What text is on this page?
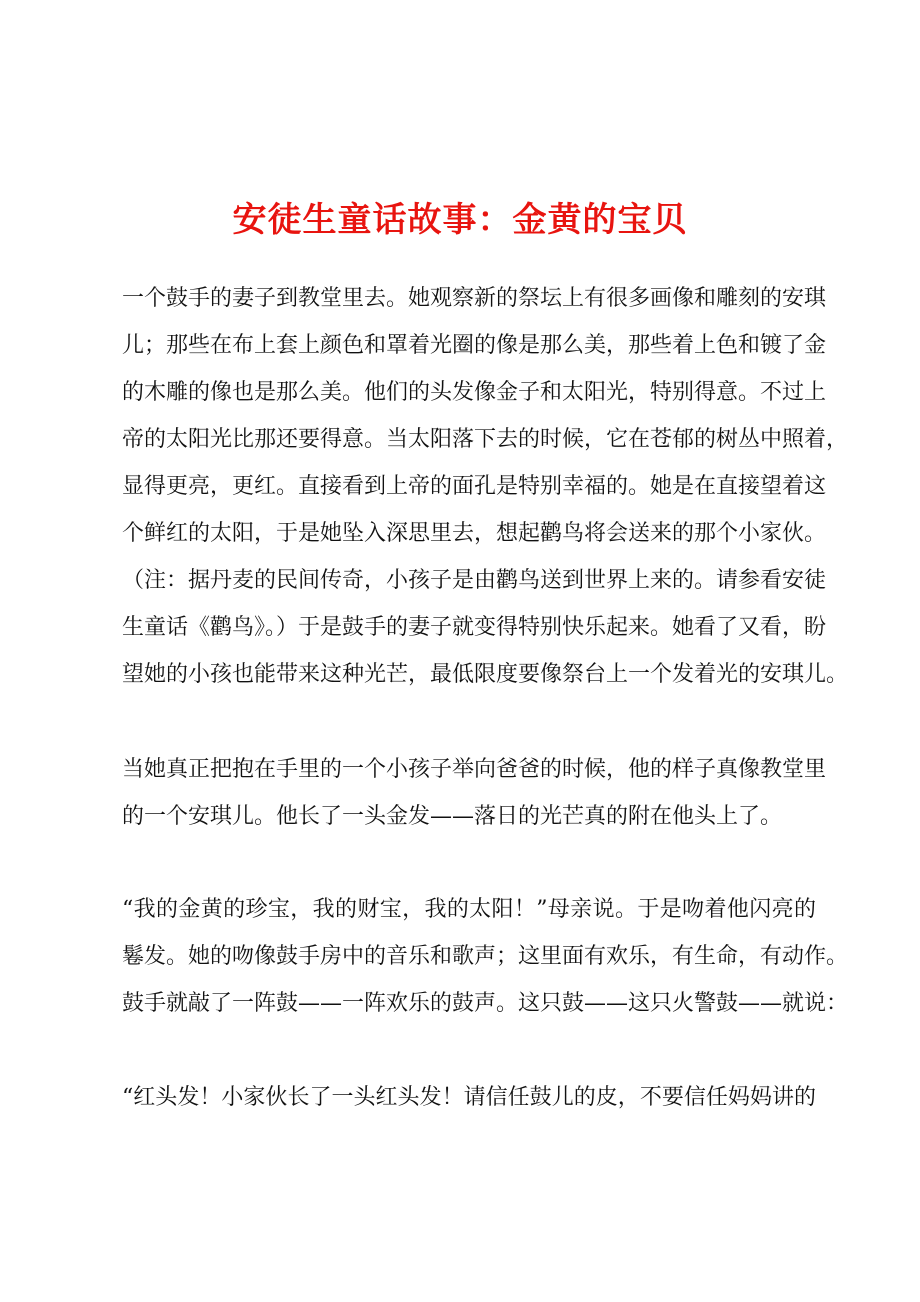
安徒生童话故事：金黄的宝贝
一个鼓手的妻子到教堂里去。她观察新的祭坛上有很多画像和雕刻的安琪
儿；那些在布上套上颜色和罩着光圈的像是那么美，那些着上色和镀了金
的木雕的像也是那么美。他们的头发像金子和太阳光，特别得意。不过上
帝的太阳光比那还要得意。当太阳落下去的时候，它在苍郁的树丛中照着，
显得更亮，更红。直接看到上帝的面孔是特别幸福的。她是在直接望着这
个鲜红的太阳，于是她坠入深思里去，想起鹳鸟将会送来的那个小家伙。
（注：据丹麦的民间传奇，小孩子是由鹳鸟送到世界上来的。请参看安徒
生童话《鹳鸟》。）于是鼓手的妻子就变得特别快乐起来。她看了又看，盼
望她的小孩也能带来这种光芒，最低限度要像祭台上一个发着光的安琪儿。
当她真正把抱在手里的一个小孩子举向爸爸的时候，他的样子真像教堂里
的一个安琪儿。他长了一头金发——落日的光芒真的附在他头上了。
“我的金黄的珍宝，我的财宝，我的太阳！”母亲说。于是吻着他闪亮的
鬈发。她的吻像鼓手房中的音乐和歌声；这里面有欢乐，有生命，有动作。
鼓手就敲了一阵鼓——一阵欢乐的鼓声。这只鼓——这只火警鼓——就说：
“红头发！小家伙长了一头红头发！请信任鼓儿的皮，不要信任妈妈讲的
